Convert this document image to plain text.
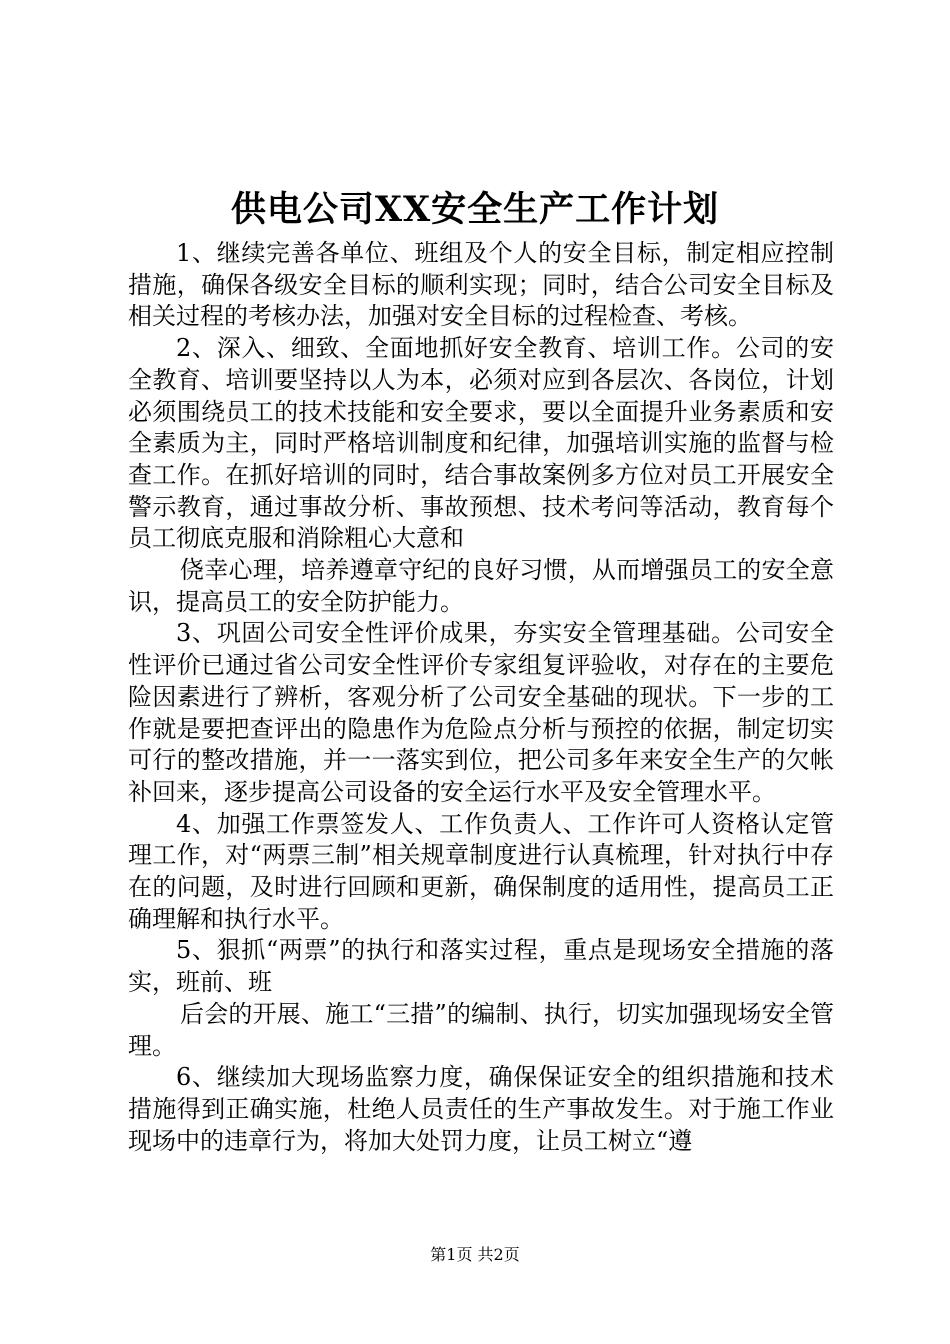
供电公司XX安全生产工作计划

1、继续完善各单位、班组及个人的安全目标，制定相应控制措施，确保各级安全目标的顺利实现；同时，结合公司安全目标及相关过程的考核办法，加强对安全目标的过程检查、考核。

2、深入、细致、全面地抓好安全教育、培训工作。公司的安全教育、培训要坚持以人为本，必须对应到各层次、各岗位，计划必须围绕员工的技术技能和安全要求，要以全面提升业务素质和安全素质为主，同时严格培训制度和纪律，加强培训实施的监督与检查工作。在抓好培训的同时，结合事故案例多方位对员工开展安全警示教育，通过事故分析、事故预想、技术考问等活动，教育每个员工彻底克服和消除粗心大意和

侥幸心理，培养遵章守纪的良好习惯，从而增强员工的安全意识，提高员工的安全防护能力。

3、巩固公司安全性评价成果，夯实安全管理基础。公司安全性评价已通过省公司安全性评价专家组复评验收，对存在的主要危险因素进行了辨析，客观分析了公司安全基础的现状。下一步的工作就是要把查评出的隐患作为危险点分析与预控的依据，制定切实可行的整改措施，并一一落实到位，把公司多年来安全生产的欠帐补回来，逐步提高公司设备的安全运行水平及安全管理水平。

4、加强工作票签发人、工作负责人、工作许可人资格认定管理工作，对“两票三制”相关规章制度进行认真梳理，针对执行中存在的问题，及时进行回顾和更新，确保制度的适用性，提高员工正确理解和执行水平。

5、狠抓“两票”的执行和落实过程，重点是现场安全措施的落实，班前、班

后会的开展、施工“三措”的编制、执行，切实加强现场安全管理。

6、继续加大现场监察力度，确保保证安全的组织措施和技术措施得到正确实施，杜绝人员责任的生产事故发生。对于施工作业现场中的违章行为，将加大处罚力度，让员工树立“遵

第1页 共2页
